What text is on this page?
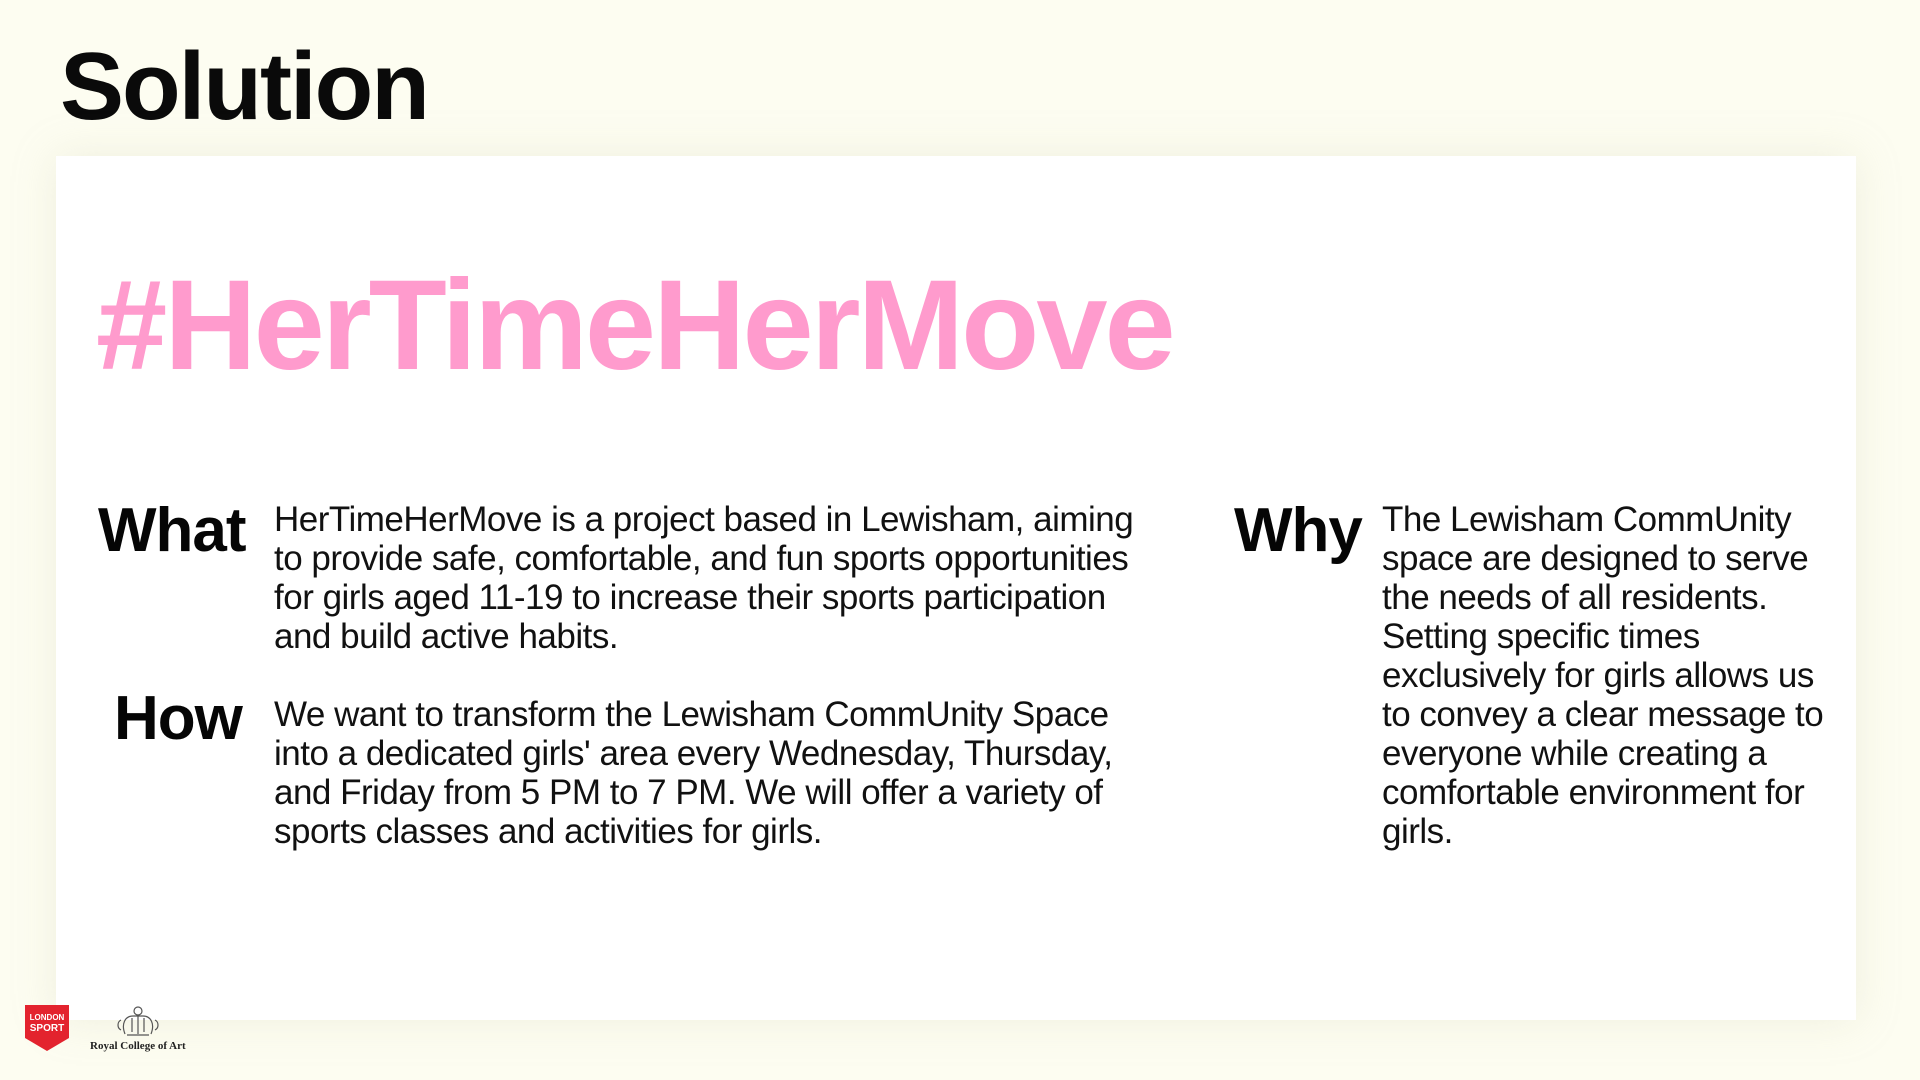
Solution
#HerTimeHerMove
What HerTimeHerMove is a project based in Lewisham, aiming to provide safe, comfortable, and fun sports opportunities for girls aged 11-19 to increase their sports participation and build active habits.

How We want to transform the Lewisham CommUnity Space into a dedicated girls' area every Wednesday, Thursday, and Friday from 5 PM to 7 PM. We will offer a variety of sports classes and activities for girls.

Why The Lewisham CommUnity space are designed to serve the needs of all residents. Setting specific times exclusively for girls allows us to convey a clear message to everyone while creating a comfortable environment for girls.

LONDON
SPORT
Royal College of Art
